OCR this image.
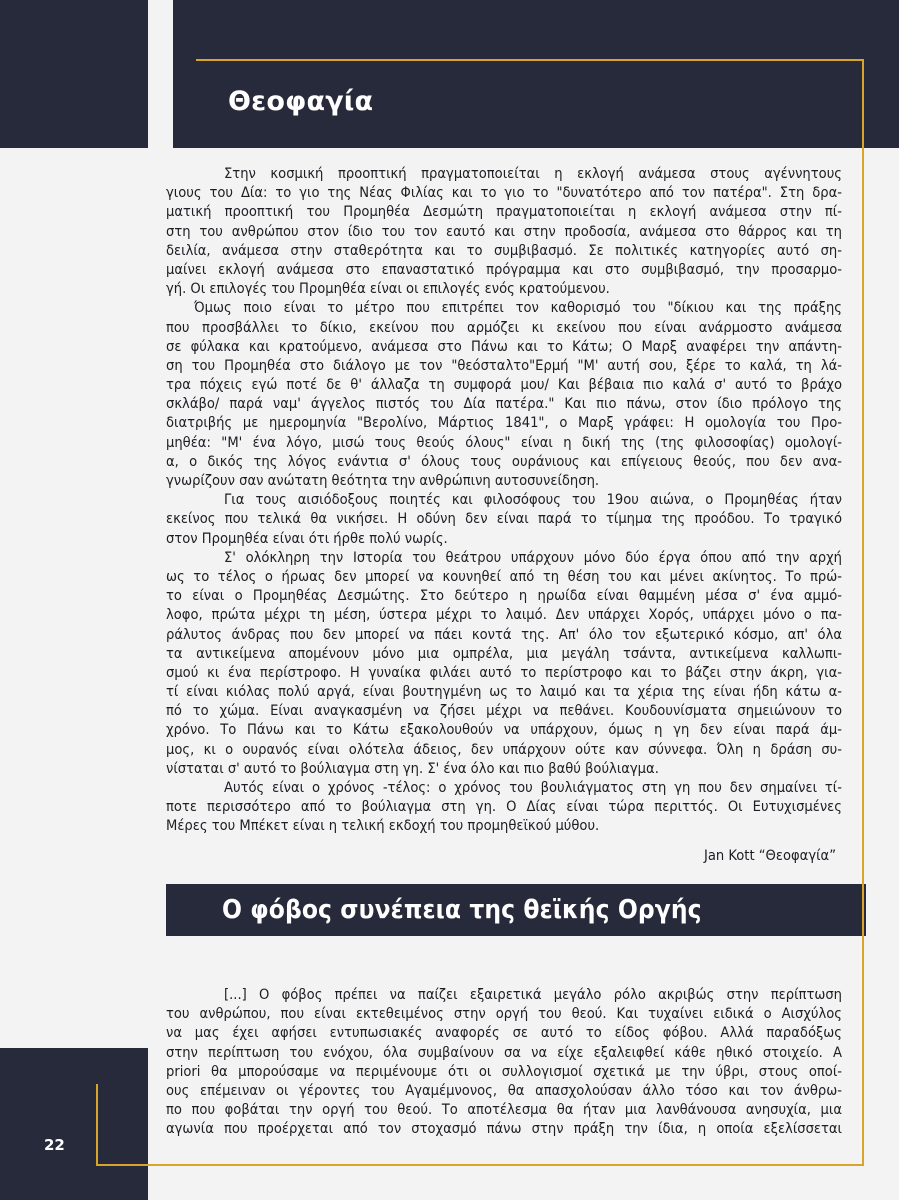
Θεοφαγία
Ο φόβος συνέπεια της θεϊκής Οργής
22
Στην κοσμική προοπτική πραγματοποιείται η εκλογή ανάμεσα στους αγέννητους
γιους του Δία: το γιο της Νέας Φιλίας και το γιο το "δυνατότερο από τον πατέρα". Στη δρα-
ματική προοπτική του Προμηθέα Δεσμώτη πραγματοποιείται η εκλογή ανάμεσα στην πί-
στη του ανθρώπου στον ίδιο του τον εαυτό και στην προδοσία, ανάμεσα στο θάρρος και τη
δειλία, ανάμεσα στην σταθερότητα και το συμβιβασμό. Σε πολιτικές κατηγορίες αυτό ση-
μαίνει εκλογή ανάμεσα στο επαναστατικό πρόγραμμα και στο συμβιβασμό, την προσαρμο-
γή. Οι επιλογές του Προμηθέα είναι οι επιλογές ενός κρατούμενου.
Όμως ποιο είναι το μέτρο που επιτρέπει τον καθορισμό του "δίκιου και της πράξης
που προσβάλλει το δίκιο, εκείνου που αρμόζει κι εκείνου που είναι ανάρμοστο ανάμεσα
σε φύλακα και κρατούμενο, ανάμεσα στο Πάνω και το Κάτω; Ο Μαρξ αναφέρει την απάντη-
ση του Προμηθέα στο διάλογο με τον "θεόσταλτο"Ερμή "Μ' αυτή σου, ξέρε το καλά, τη λά-
τρα πόχεις εγώ ποτέ δε θ' άλλαζα τη συμφορά μου/ Και βέβαια πιο καλά σ' αυτό το βράχο
σκλάβο/ παρά ναμ' άγγελος πιστός του Δία πατέρα." Και πιο πάνω, στον ίδιο πρόλογο της
διατριβής με ημερομηνία "Βερολίνο, Μάρτιος 1841", ο Μαρξ γράφει: Η ομολογία του Προ-
μηθέα: "Μ' ένα λόγο, μισώ τους θεούς όλους" είναι η δική της (της φιλοσοφίας) ομολογί-
α, ο δικός της λόγος ενάντια σ' όλους τους ουράνιους και επίγειους θεούς, που δεν ανα-
γνωρίζουν σαν ανώτατη θεότητα την ανθρώπινη αυτοσυνείδηση.
Για τους αισιόδοξους ποιητές και φιλοσόφους του 19ου αιώνα, ο Προμηθέας ήταν
εκείνος που τελικά θα νικήσει. Η οδύνη δεν είναι παρά το τίμημα της προόδου. Το τραγικό
στον Προμηθέα είναι ότι ήρθε πολύ νωρίς.
Σ' ολόκληρη την Ιστορία του θεάτρου υπάρχουν μόνο δύο έργα όπου από την αρχή
ως το τέλος ο ήρωας δεν μπορεί να κουνηθεί από τη θέση του και μένει ακίνητος. Το πρώ-
το είναι ο Προμηθέας Δεσμώτης. Στο δεύτερο η ηρωίδα είναι θαμμένη μέσα σ' ένα αμμό-
λοφο, πρώτα μέχρι τη μέση, ύστερα μέχρι το λαιμό. Δεν υπάρχει Χορός, υπάρχει μόνο ο πα-
ράλυτος άνδρας που δεν μπορεί να πάει κοντά της. Απ' όλο τον εξωτερικό κόσμο, απ' όλα
τα αντικείμενα απομένουν μόνο μια ομπρέλα, μια μεγάλη τσάντα, αντικείμενα καλλωπι-
σμού κι ένα περίστροφο. Η γυναίκα φιλάει αυτό το περίστροφο και το βάζει στην άκρη, για-
τί είναι κιόλας πολύ αργά, είναι βουτηγμένη ως το λαιμό και τα χέρια της είναι ήδη κάτω α-
πό το χώμα. Είναι αναγκασμένη να ζήσει μέχρι να πεθάνει. Κουδουνίσματα σημειώνουν το
χρόνο. Το Πάνω και το Κάτω εξακολουθούν να υπάρχουν, όμως η γη δεν είναι παρά άμ-
μος, κι ο ουρανός είναι ολότελα άδειος, δεν υπάρχουν ούτε καν σύννεφα. Όλη η δράση συ-
νίσταται σ' αυτό το βούλιαγμα στη γη. Σ' ένα όλο και πιο βαθύ βούλιαγμα.
Αυτός είναι ο χρόνος -τέλος: ο χρόνος του βουλιάγματος στη γη που δεν σημαίνει τί-
ποτε περισσότερο από το βούλιαγμα στη γη. Ο Δίας είναι τώρα περιττός. Οι Ευτυχισμένες
Μέρες του Μπέκετ είναι η τελική εκδοχή του προμηθεϊκού μύθου.
Jan Kott “Θεοφαγία”
[...] Ο φόβος πρέπει να παίζει εξαιρετικά μεγάλο ρόλο ακριβώς στην περίπτωση
του ανθρώπου, που είναι εκτεθειμένος στην οργή του θεού. Και τυχαίνει ειδικά ο Αισχύλος
να μας έχει αφήσει εντυπωσιακές αναφορές σε αυτό το είδος φόβου. Αλλά παραδόξως
στην περίπτωση του ενόχου, όλα συμβαίνουν σα να είχε εξαλειφθεί κάθε ηθικό στοιχείο. Α
priori θα μπορούσαμε να περιμένουμε ότι οι συλλογισμοί σχετικά με την ύβρι, στους οποί-
ους επέμειναν οι γέροντες του Αγαμέμνονος, θα απασχολούσαν άλλο τόσο και τον άνθρω-
πο που φοβάται την οργή του θεού. Το αποτέλεσμα θα ήταν μια λανθάνουσα ανησυχία, μια
αγωνία που προέρχεται από τον στοχασμό πάνω στην πράξη την ίδια, η οποία εξελίσσεται
